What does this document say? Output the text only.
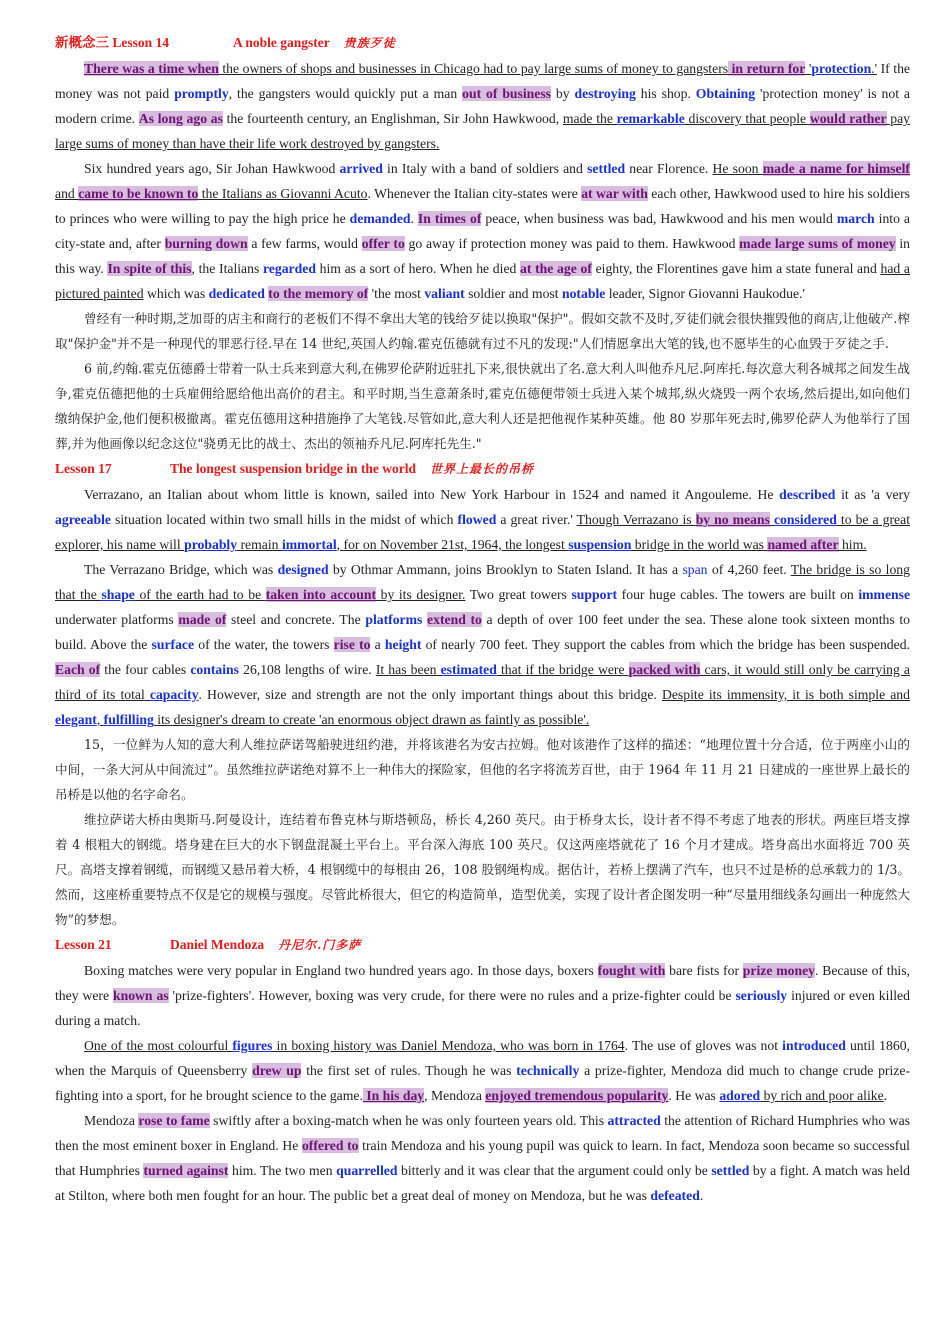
新概念三 Lesson 14	A noble gangster	贵族歹徒

There was a time when the owners of shops and businesses in Chicago had to pay large sums of money to gangsters in return for 'protection.' If the money was not paid promptly, the gangsters would quickly put a man out of business by destroying his shop. Obtaining 'protection money' is not a modern crime. As long ago as the fourteenth century, an Englishman, Sir John Hawkwood, made the remarkable discovery that people would rather pay large sums of money than have their life work destroyed by gangsters.

Six hundred years ago, Sir Johan Hawkwood arrived in Italy with a band of soldiers and settled near Florence. He soon made a name for himself and came to be known to the Italians as Giovanni Acuto. Whenever the Italian city-states were at war with each other, Hawkwood used to hire his soldiers to princes who were willing to pay the high price he demanded. In times of peace, when business was bad, Hawkwood and his men would march into a city-state and, after burning down a few farms, would offer to go away if protection money was paid to them. Hawkwood made large sums of money in this way. In spite of this, the Italians regarded him as a sort of hero. When he died at the age of eighty, the Florentines gave him a state funeral and had a pictured painted which was dedicated to the memory of 'the most valiant soldier and most notable leader, Signor Giovanni Haukodue.'

曾经有一种时期,芝加哥的店主和商行的老板们不得不拿出大笔的钱给歹徒以换取"保护"。假如交款不及时,歹徒们就会很快摧毁他的商店,让他破产.榨取"保护金"并不是一种现代的罪恶行径.早在 14 世纪,英国人约翰.霍克伍德就有过不凡的发现:"人们情愿拿出大笔的钱,也不愿毕生的心血毁于歹徒之手.

6 前,约翰.霍克伍德爵士带着一队士兵来到意大利,在佛罗伦萨附近驻扎下来,很快就出了名.意大利人叫他乔凡尼.阿库托.每次意大利各城邦之间发生战争,霍克伍德把他的士兵雇佣给愿给他出高价的君主。和平时期,当生意萧条时,霍克伍德便带领士兵进入某个城邦,纵火烧毁一两个农场,然后提出,如向他们缴纳保护金,他们便积极撤离。霍克伍德用这种措施挣了大笔钱.尽管如此,意大利人还是把他视作某种英雄。他 80 岁那年死去时,佛罗伦萨人为他举行了国葬,并为他画像以纪念这位"骁勇无比的战士、杰出的领袖乔凡尼.阿库托先生."

Lesson 17	The longest suspension bridge in the world	世界上最长的吊桥

Verrazano, an Italian about whom little is known, sailed into New York Harbour in 1524 and named it Angouleme. He described it as 'a very agreeable situation located within two small hills in the midst of which flowed a great river.' Though Verrazano is by no means considered to be a great explorer, his name will probably remain immortal, for on November 21st, 1964, the longest suspension bridge in the world was named after him.

The Verrazano Bridge, which was designed by Othmar Ammann, joins Brooklyn to Staten Island. It has a span of 4,260 feet. The bridge is so long that the shape of the earth had to be taken into account by its designer. Two great towers support four huge cables. The towers are built on immense underwater platforms made of steel and concrete. The platforms extend to a depth of over 100 feet under the sea. These alone took sixteen months to build. Above the surface of the water, the towers rise to a height of nearly 700 feet. They support the cables from which the bridge has been suspended. Each of the four cables contains 26,108 lengths of wire. It has been estimated that if the bridge were packed with cars, it would still only be carrying a third of its total capacity. However, size and strength are not the only important things about this bridge. Despite its immensity, it is both simple and elegant, fulfilling its designer's dream to create 'an enormous object drawn as faintly as possible'.

15，一位鲜为人知的意大利人维拉萨诺驾船驶进纽约港，并将该港名为安古拉姆。他对该港作了这样的描述：“地理位置十分合适，位于两座小山的中间，一条大河从中间流过”。虽然维拉萨诺绝对算不上一种伟大的探险家，但他的名字将流芳百世，由于 1964 年 11 月 21 日建成的一座世界上最长的吊桥是以他的名字命名。

维拉萨诺大桥由奥斯马.阿曼设计，连结着布鲁克林与斯塔顿岛，桥长 4,260 英尺。由于桥身太长，设计者不得不考虑了地表的形状。两座巨塔支撑着 4 根粗大的钢缆。塔身建在巨大的水下钢盘混凝土平台上。平台深入海底 100 英尺。仅这两座塔就花了 16 个月才建成。塔身高出水面将近 700 英尺。高塔支撑着钢缆，而钢缆又悬吊着大桥，4 根钢缆中的每根由 26，108 股钢绳构成。据估计，若桥上摆满了汽车，也只不过是桥的总承载力的 1/3。然而，这座桥重要特点不仅是它的规模与强度。尽管此桥很大，但它的构造简单，造型优美，实现了设计者企图发明一种“尽量用细线条勾画出一种庞然大物”的梦想。

Lesson 21	Daniel Mendoza	丹尼尔.门多萨

Boxing matches were very popular in England two hundred years ago. In those days, boxers fought with bare fists for prize money. Because of this, they were known as 'prize-fighters'. However, boxing was very crude, for there were no rules and a prize-fighter could be seriously injured or even killed during a match.

One of the most colourful figures in boxing history was Daniel Mendoza, who was born in 1764. The use of gloves was not introduced until 1860, when the Marquis of Queensberry drew up the first set of rules. Though he was technically a prize-fighter, Mendoza did much to change crude prize-fighting into a sport, for he brought science to the game. In his day, Mendoza enjoyed tremendous popularity. He was adored by rich and poor alike.

Mendoza rose to fame swiftly after a boxing-match when he was only fourteen years old. This attracted the attention of Richard Humphries who was then the most eminent boxer in England. He offered to train Mendoza and his young pupil was quick to learn. In fact, Mendoza soon became so successful that Humphries turned against him. The two men quarrelled bitterly and it was clear that the argument could only be settled by a fight. A match was held at Stilton, where both men fought for an hour. The public bet a great deal of money on Mendoza, but he was defeated.
